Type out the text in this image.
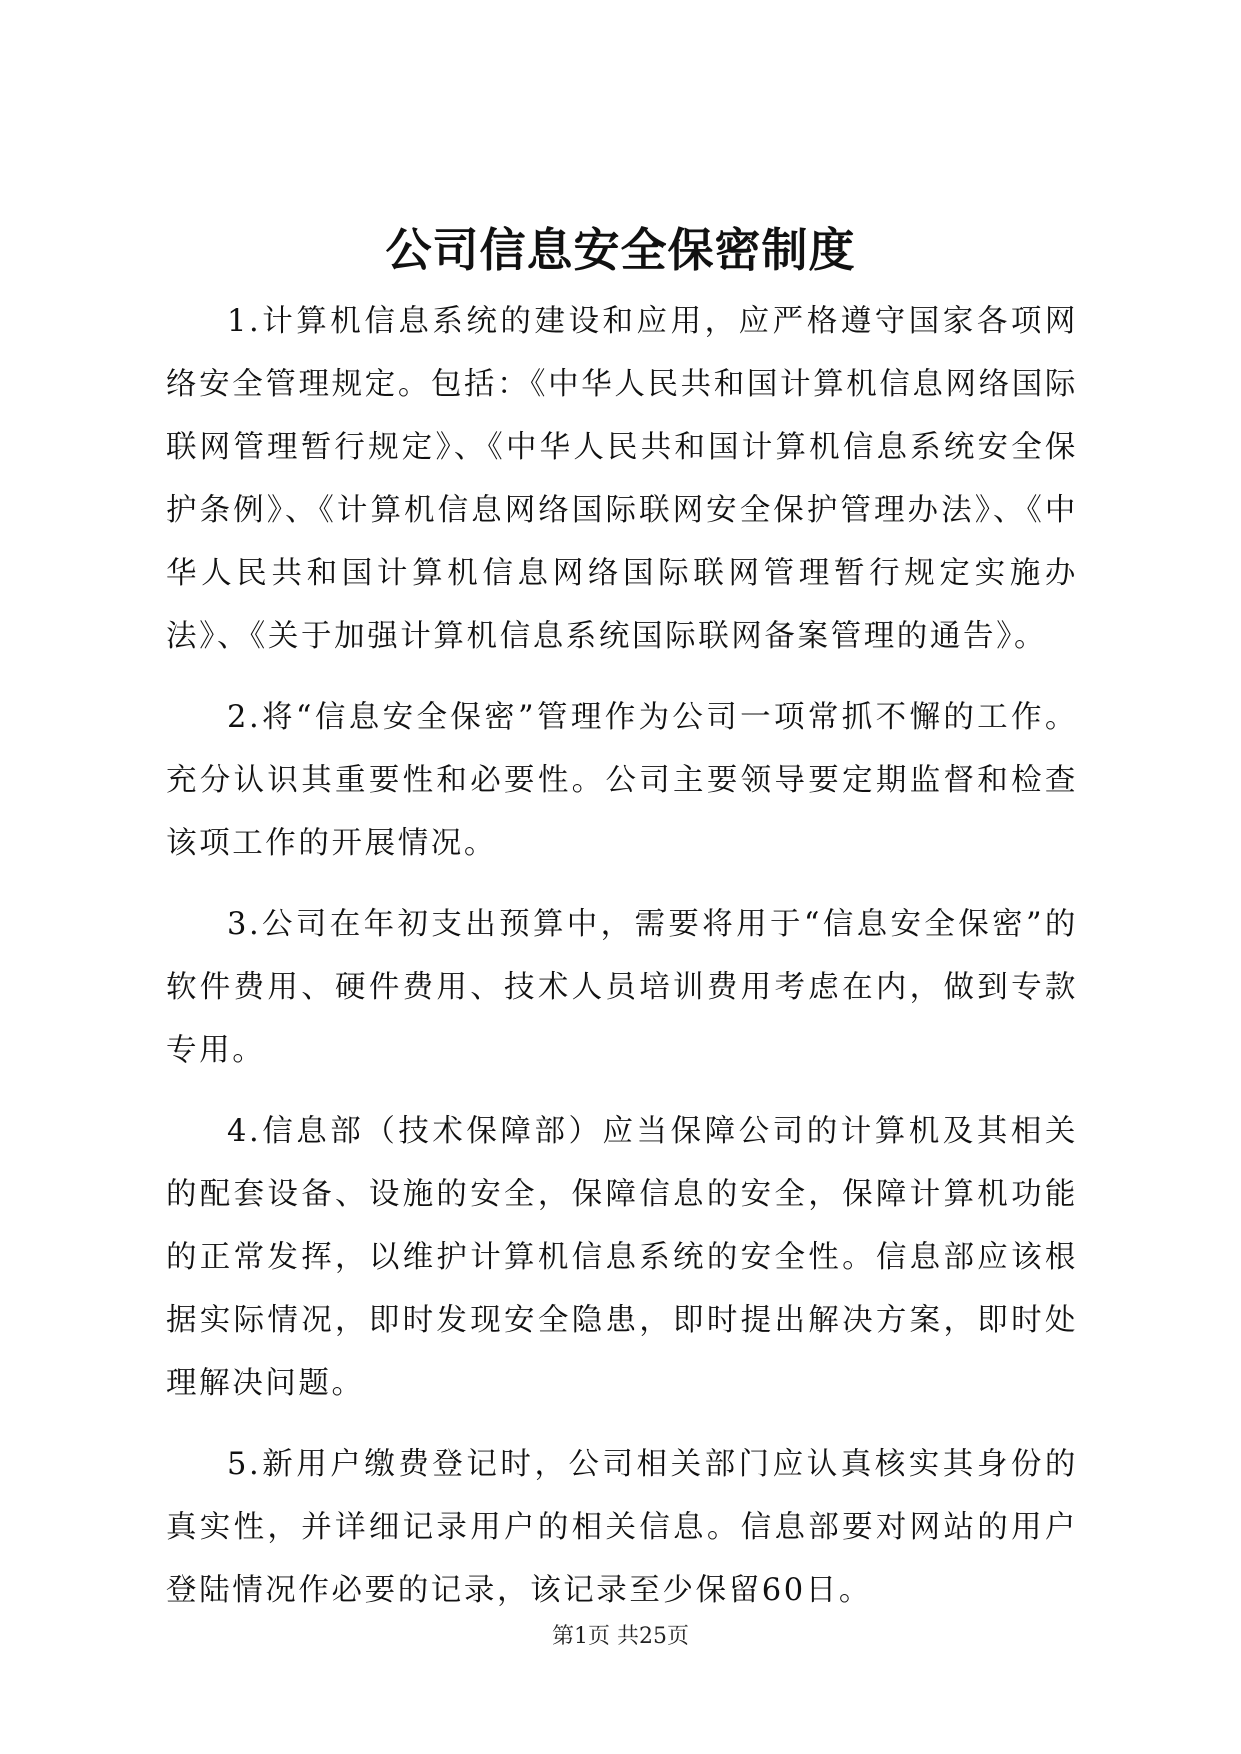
公司信息安全保密制度

1.计算机信息系统的建设和应用，应严格遵守国家各项网络安全管理规定。包括：《中华人民共和国计算机信息网络国际联网管理暂行规定》、《中华人民共和国计算机信息系统安全保护条例》、《计算机信息网络国际联网安全保护管理办法》、《中华人民共和国计算机信息网络国际联网管理暂行规定实施办法》、《关于加强计算机信息系统国际联网备案管理的通告》。

2.将“信息安全保密”管理作为公司一项常抓不懈的工作。充分认识其重要性和必要性。公司主要领导要定期监督和检查该项工作的开展情况。

3.公司在年初支出预算中，需要将用于“信息安全保密”的软件费用、硬件费用、技术人员培训费用考虑在内，做到专款专用。

4.信息部（技术保障部）应当保障公司的计算机及其相关的配套设备、设施的安全，保障信息的安全，保障计算机功能的正常发挥，以维护计算机信息系统的安全性。信息部应该根据实际情况，即时发现安全隐患，即时提出解决方案，即时处理解决问题。

5.新用户缴费登记时，公司相关部门应认真核实其身份的真实性，并详细记录用户的相关信息。信息部要对网站的用户登陆情况作必要的记录，该记录至少保留60日。

第1页 共25页
